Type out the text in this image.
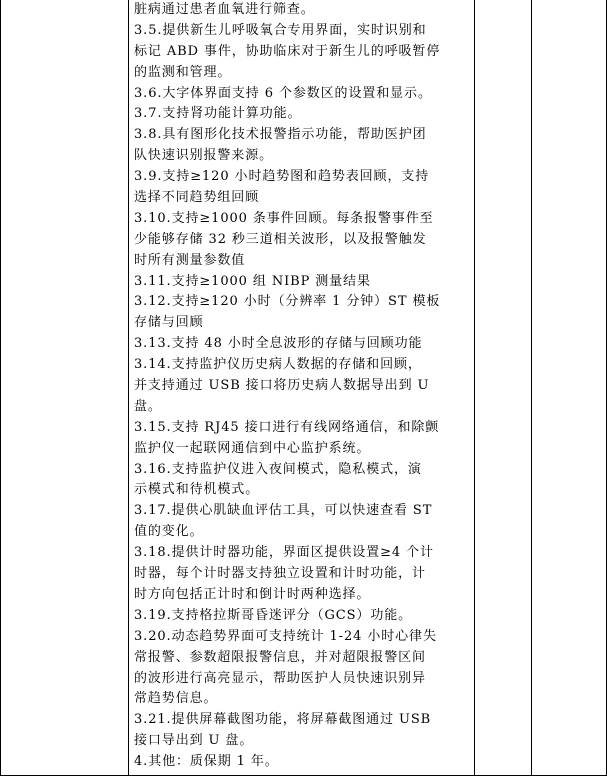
脏病通过患者血氧进行筛查。
3.5.提供新生儿呼吸氧合专用界面，实时识别和
标记 ABD 事件，协助临床对于新生儿的呼吸暂停
的监测和管理。
3.6.大字体界面支持 6 个参数区的设置和显示。
3.7.支持肾功能计算功能。
3.8.具有图形化技术报警指示功能，帮助医护团
队快速识别报警来源。
3.9.支持≥120 小时趋势图和趋势表回顾，支持
选择不同趋势组回顾
3.10.支持≥1000 条事件回顾。每条报警事件至
少能够存储 32 秒三道相关波形，以及报警触发
时所有测量参数值
3.11.支持≥1000 组 NIBP 测量结果
3.12.支持≥120 小时（分辨率 1 分钟）ST 模板
存储与回顾
3.13.支持 48 小时全息波形的存储与回顾功能
3.14.支持监护仪历史病人数据的存储和回顾，
并支持通过 USB 接口将历史病人数据导出到 U
盘。
3.15.支持 RJ45 接口进行有线网络通信，和除颤
监护仪一起联网通信到中心监护系统。
3.16.支持监护仪进入夜间模式，隐私模式，演
示模式和待机模式。
3.17.提供心肌缺血评估工具，可以快速查看 ST
值的变化。
3.18.提供计时器功能，界面区提供设置≥4 个计
时器，每个计时器支持独立设置和计时功能，计
时方向包括正计时和倒计时两种选择。
3.19.支持格拉斯哥昏迷评分（GCS）功能。
3.20.动态趋势界面可支持统计 1-24 小时心律失
常报警、参数超限报警信息，并对超限报警区间
的波形进行高亮显示，帮助医护人员快速识别异
常趋势信息。
3.21.提供屏幕截图功能，将屏幕截图通过 USB
接口导出到 U 盘。
4.其他：质保期 1 年。
